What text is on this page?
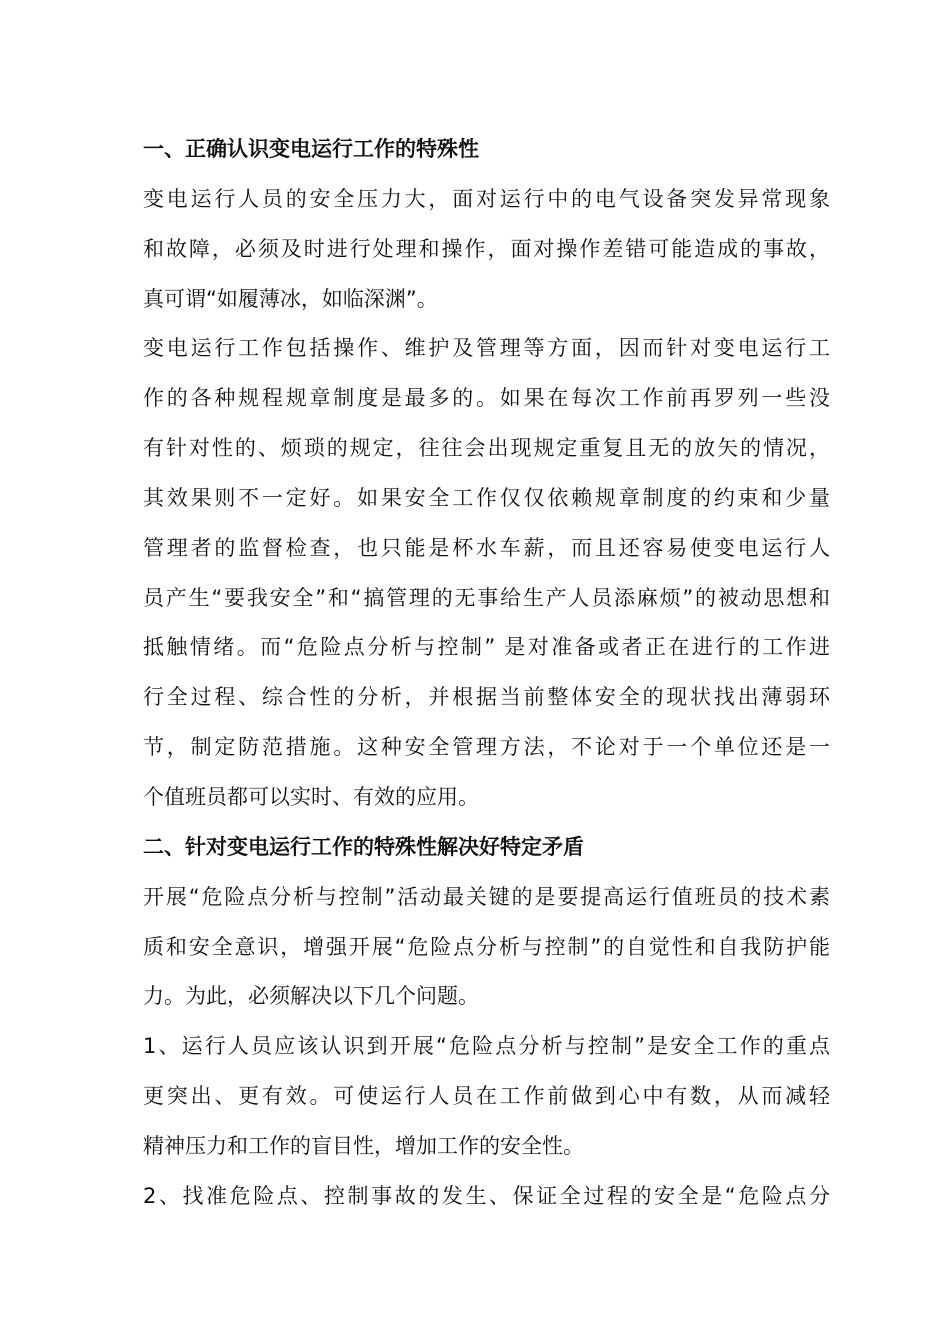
一、正确认识变电运行工作的特殊性
变电运行人员的安全压力大，面对运行中的电气设备突发异常现象
和故障，必须及时进行处理和操作，面对操作差错可能造成的事故，
真可谓“如履薄冰，如临深渊”。
变电运行工作包括操作、维护及管理等方面，因而针对变电运行工
作的各种规程规章制度是最多的。如果在每次工作前再罗列一些没
有针对性的、烦琐的规定，往往会出现规定重复且无的放矢的情况，
其效果则不一定好。如果安全工作仅仅依赖规章制度的约束和少量
管理者的监督检查，也只能是杯水车薪，而且还容易使变电运行人
员产生“要我安全”和“搞管理的无事给生产人员添麻烦”的被动思想和
抵触情绪。而“危险点分析与控制” 是对准备或者正在进行的工作进
行全过程、综合性的分析，并根据当前整体安全的现状找出薄弱环
节，制定防范措施。这种安全管理方法，不论对于一个单位还是一
个值班员都可以实时、有效的应用。
二、针对变电运行工作的特殊性解决好特定矛盾
开展“危险点分析与控制”活动最关键的是要提高运行值班员的技术素
质和安全意识，增强开展“危险点分析与控制”的自觉性和自我防护能
力。为此，必须解决以下几个问题。
1、运行人员应该认识到开展“危险点分析与控制”是安全工作的重点
更突出、更有效。可使运行人员在工作前做到心中有数，从而减轻
精神压力和工作的盲目性，增加工作的安全性。
2、找准危险点、控制事故的发生、保证全过程的安全是“危险点分
